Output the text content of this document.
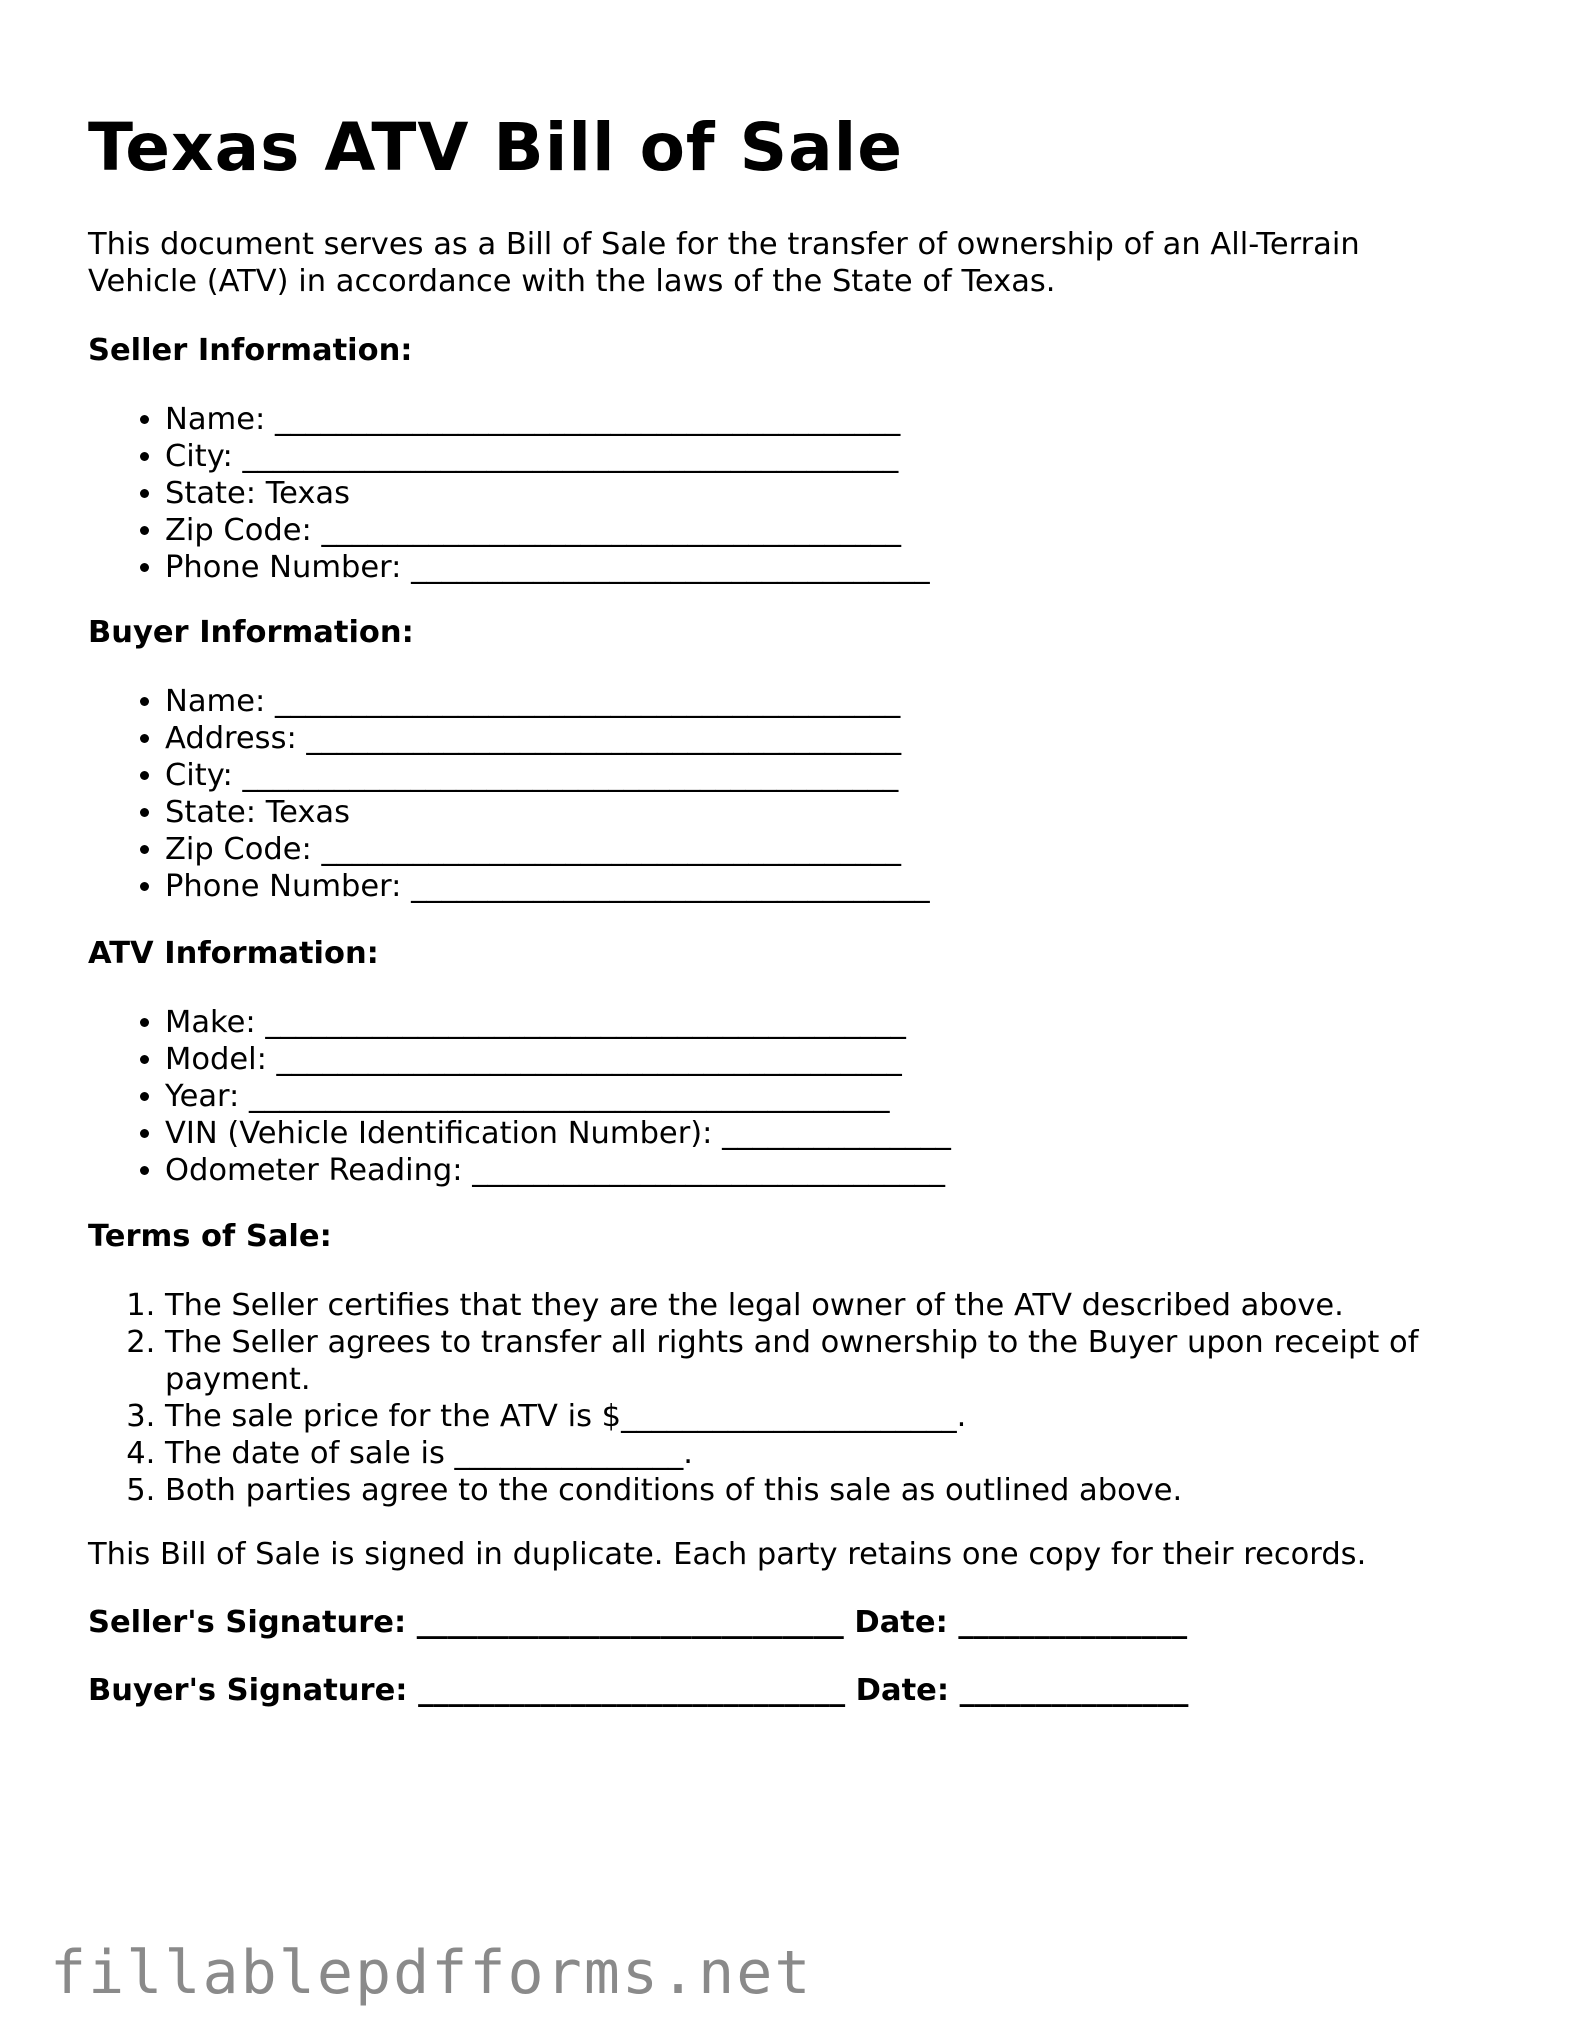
Texas ATV Bill of Sale

This document serves as a Bill of Sale for the transfer of ownership of an All-Terrain Vehicle (ATV) in accordance with the laws of the State of Texas.

Seller Information:

• Name: _________________________________________
• City: ___________________________________________
• State: Texas
• Zip Code: ______________________________________
• Phone Number: __________________________________

Buyer Information:

• Name: _________________________________________
• Address: _______________________________________
• City: ___________________________________________
• State: Texas
• Zip Code: ______________________________________
• Phone Number: __________________________________

ATV Information:

• Make: __________________________________________
• Model: _________________________________________
• Year: __________________________________________
• VIN (Vehicle Identification Number): _______________
• Odometer Reading: _______________________________

Terms of Sale:

1. The Seller certifies that they are the legal owner of the ATV described above.
2. The Seller agrees to transfer all rights and ownership to the Buyer upon receipt of payment.
3. The sale price for the ATV is $______________________.
4. The date of sale is _______________.
5. Both parties agree to the conditions of this sale as outlined above.

This Bill of Sale is signed in duplicate. Each party retains one copy for their records.

Seller's Signature: ____________________________ Date: _______________

Buyer's Signature: ____________________________ Date: _______________

fillablepdfforms.net
